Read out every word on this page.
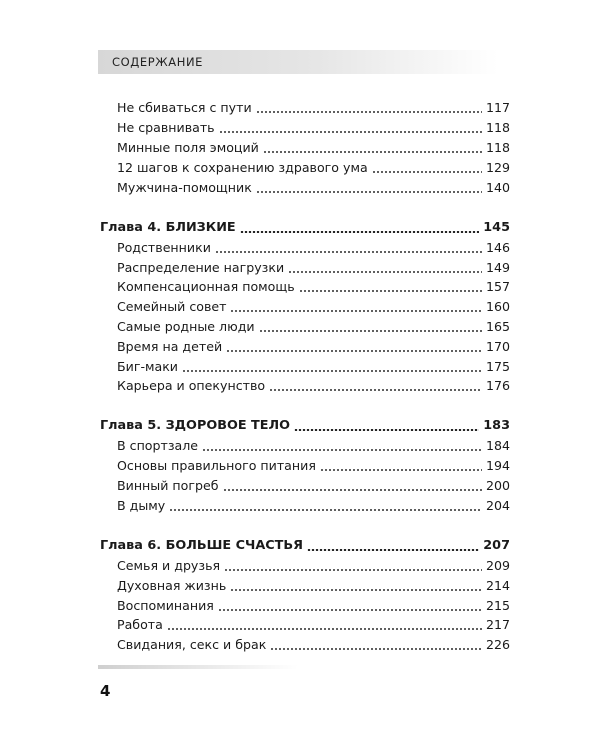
СОДЕРЖАНИЕ
Не сбиваться с пути	117
Не сравнивать	118
Минные поля эмоций	118
12 шагов к сохранению здравого ума	129
Мужчина-помощник	140
Глава 4. БЛИЗКИЕ	145
Родственники	146
Распределение нагрузки	149
Компенсационная помощь	157
Семейный совет	160
Самые родные люди	165
Время на детей	170
Биг-маки	175
Карьера и опекунство	176
Глава 5. ЗДОРОВОЕ ТЕЛО	183
В спортзале	184
Основы правильного питания	194
Винный погреб	200
В дыму	204
Глава 6. БОЛЬШЕ СЧАСТЬЯ	207
Семья и друзья	209
Духовная жизнь	214
Воспоминания	215
Работа	217
Свидания, секс и брак	226
4
